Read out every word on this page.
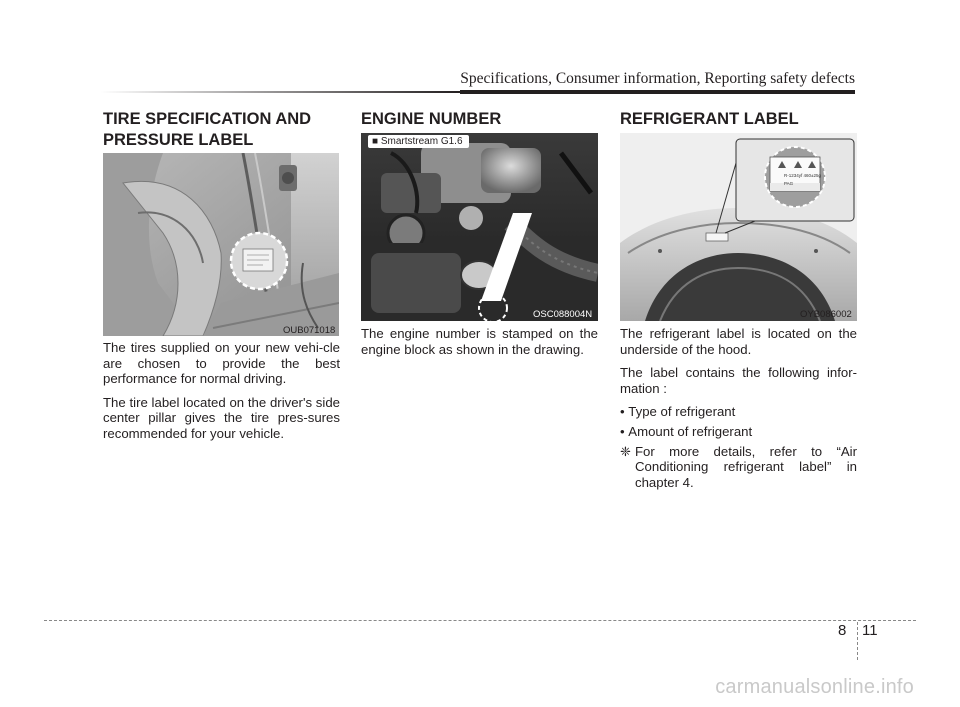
Specifications, Consumer information, Reporting safety defects
TIRE SPECIFICATION AND
PRESSURE LABEL
OUB071018

The tires supplied on your new vehi-cle are chosen to provide the best performance for normal driving.

The tire label located on the driver's side center pillar gives the tire pres-sures recommended for your vehicle.

ENGINE NUMBER
■ Smartstream G1.6
OSC088004N

The engine number is stamped on the engine block as shown in the drawing.

REFRIGERANT LABEL
R-1234yf 460±25g
PAG
OYB086002

The refrigerant label is located on the underside of the hood.

The label contains the following infor-mation :

• Type of refrigerant
• Amount of refrigerant
❈ For more details, refer to “Air Conditioning refrigerant label” in chapter 4.
8 11
carmanualsonline.info
